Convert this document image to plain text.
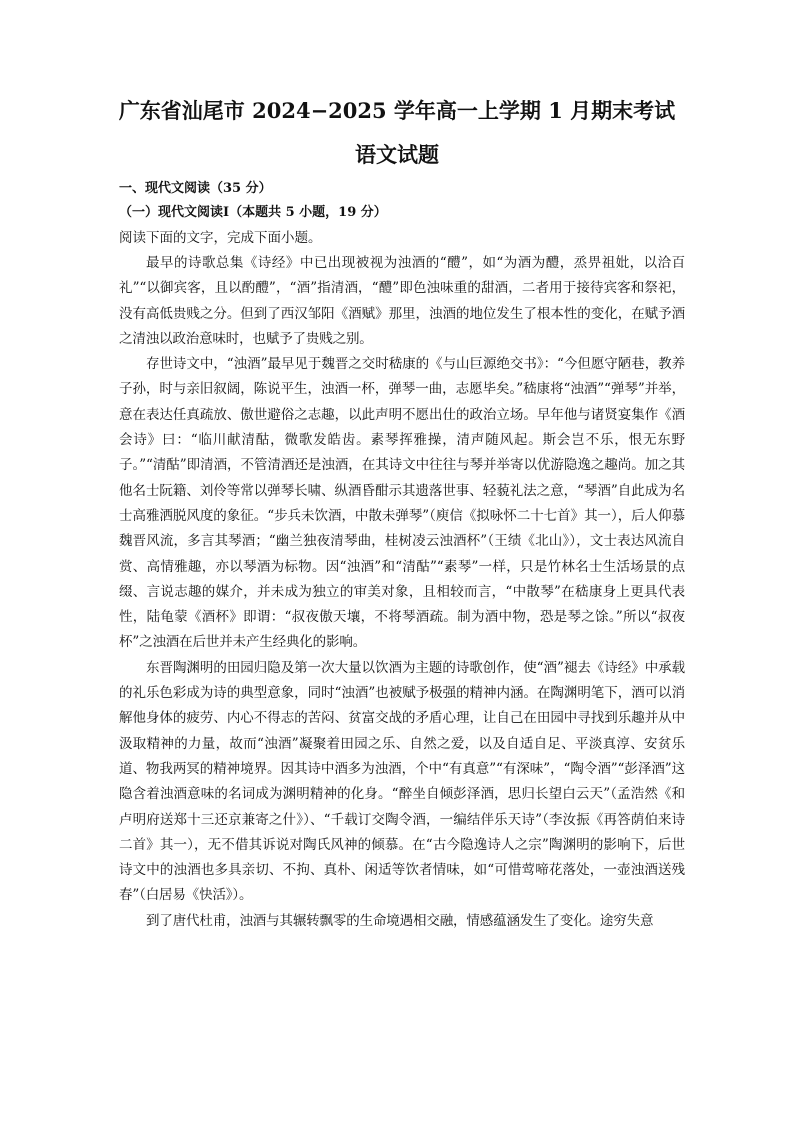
广东省汕尾市 2024−2025 学年高一上学期 1 月期末考试
语文试题

一、现代文阅读（35 分）

（一）现代文阅读Ⅰ（本题共 5 小题，19 分）

阅读下面的文字，完成下面小题。

最早的诗歌总集《诗经》中已出现被视为浊酒的“醴”，如“为酒为醴，烝畀祖妣，以洽百礼”“以御宾客，且以酌醴”，“酒”指清酒，“醴”即色浊味重的甜酒，二者用于接待宾客和祭祀，没有高低贵贱之分。但到了西汉邹阳《酒赋》那里，浊酒的地位发生了根本性的变化，在赋予酒之清浊以政治意味时，也赋予了贵贱之别。

存世诗文中，“浊酒”最早见于魏晋之交时嵇康的《与山巨源绝交书》：“今但愿守陋巷，教养子孙，时与亲旧叙阔，陈说平生，浊酒一杯，弹琴一曲，志愿毕矣。”嵇康将“浊酒”“弹琴”并举，意在表达任真疏放、傲世避俗之志趣，以此声明不愿出仕的政治立场。早年他与诸贤宴集作《酒会诗》曰：“临川献清酤，微歌发皓齿。素琴挥雅操，清声随风起。斯会岂不乐，恨无东野子。”“清酤”即清酒，不管清酒还是浊酒，在其诗文中往往与琴并举寄以优游隐逸之趣尚。加之其他名士阮籍、刘伶等常以弹琴长啸、纵酒昏酣示其遗落世事、轻藐礼法之意，“琴酒”自此成为名士高雅洒脱风度的象征。“步兵未饮酒，中散未弹琴”（庾信《拟咏怀二十七首》其一），后人仰慕魏晋风流，多言其琴酒；“幽兰独夜清琴曲，桂树凌云浊酒杯”（王绩《北山》），文士表达风流自赏、高情雅趣，亦以琴酒为标物。因“浊酒”和“清酤”“素琴”一样，只是竹林名士生活场景的点缀、言说志趣的媒介，并未成为独立的审美对象，且相较而言，“中散琴”在嵇康身上更具代表性，陆龟蒙《酒杯》即谓：“叔夜傲天壤，不将琴酒疏。制为酒中物，恐是琴之馀。”所以“叔夜杯”之浊酒在后世并未产生经典化的影响。

东晋陶渊明的田园归隐及第一次大量以饮酒为主题的诗歌创作，使“酒”褪去《诗经》中承载的礼乐色彩成为诗的典型意象，同时“浊酒”也被赋予极强的精神内涵。在陶渊明笔下，酒可以消解他身体的疲劳、内心不得志的苦闷、贫富交战的矛盾心理，让自己在田园中寻找到乐趣并从中汲取精神的力量，故而“浊酒”凝聚着田园之乐、自然之爱，以及自适自足、平淡真淳、安贫乐道、物我两冥的精神境界。因其诗中酒多为浊酒，个中“有真意”“有深味”，“陶令酒”“彭泽酒”这隐含着浊酒意味的名词成为渊明精神的化身。“醉坐自倾彭泽酒，思归长望白云天”（孟浩然《和卢明府送郑十三还京兼寄之什》）、“千载订交陶令酒，一编结伴乐天诗”（李汝振《再答荫伯来诗二首》其一），无不借其诉说对陶氏风神的倾慕。在“古今隐逸诗人之宗”陶渊明的影响下，后世诗文中的浊酒也多具亲切、不拘、真朴、闲适等饮者情味，如“可惜莺啼花落处，一壶浊酒送残春”（白居易《快活》）。

到了唐代杜甫，浊酒与其辗转飘零的生命境遇相交融，情感蕴涵发生了变化。途穷失意
